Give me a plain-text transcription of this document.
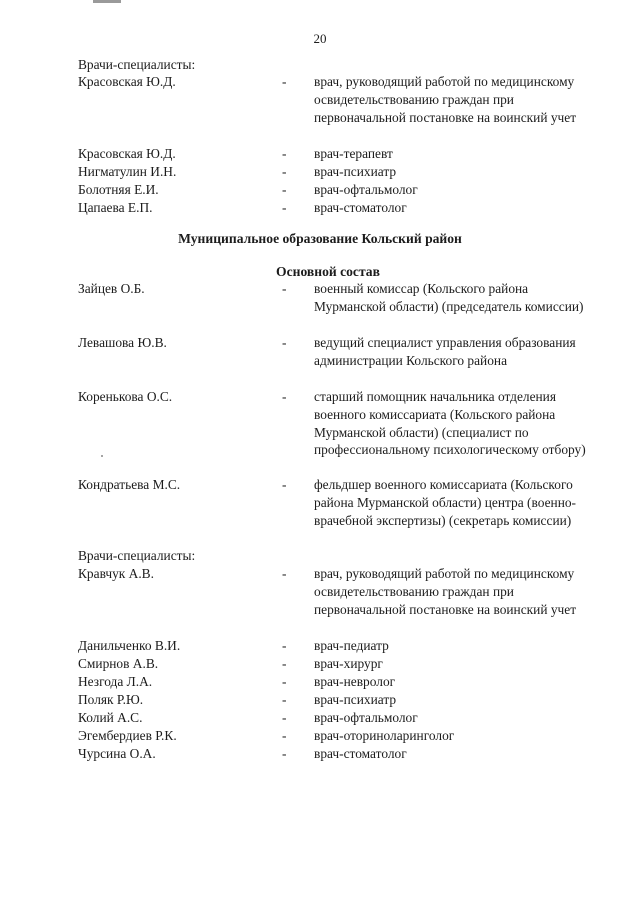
20
Врачи-специалисты:
Красовская Ю.Д.	- врач, руководящий работой по медицинскому освидетельствованию граждан при первоначальной постановке на воинский учет
Красовская Ю.Д.	- врач-терапевт
Нигматулин И.Н.	- врач-психиатр
Болотняя Е.И.	- врач-офтальмолог
Цапаева Е.П.	- врач-стоматолог
Муниципальное образование Кольский район
Основной состав
Зайцев О.Б.	- военный комиссар (Кольского района Мурманской области) (председатель комиссии)
Левашова Ю.В.	- ведущий специалист управления образования администрации Кольского района
Коренькова О.С.	- старший помощник начальника отделения военного комиссариата (Кольского района Мурманской области) (специалист по профессиональному психологическому отбору)
Кондратьева М.С.	- фельдшер военного комиссариата (Кольского района Мурманской области) центра (военно-врачебной экспертизы) (секретарь комиссии)
Врачи-специалисты:
Кравчук А.В.	- врач, руководящий работой по медицинскому освидетельствованию граждан при первоначальной постановке на воинский учет
Данильченко В.И.	- врач-педиатр
Смирнов А.В.	- врач-хирург
Незгода Л.А.	- врач-невролог
Поляк Р.Ю.	- врач-психиатр
Колий А.С.	- врач-офтальмолог
Эгембердиев Р.К.	- врач-оториноларинголог
Чурсина О.А.	- врач-стоматолог
